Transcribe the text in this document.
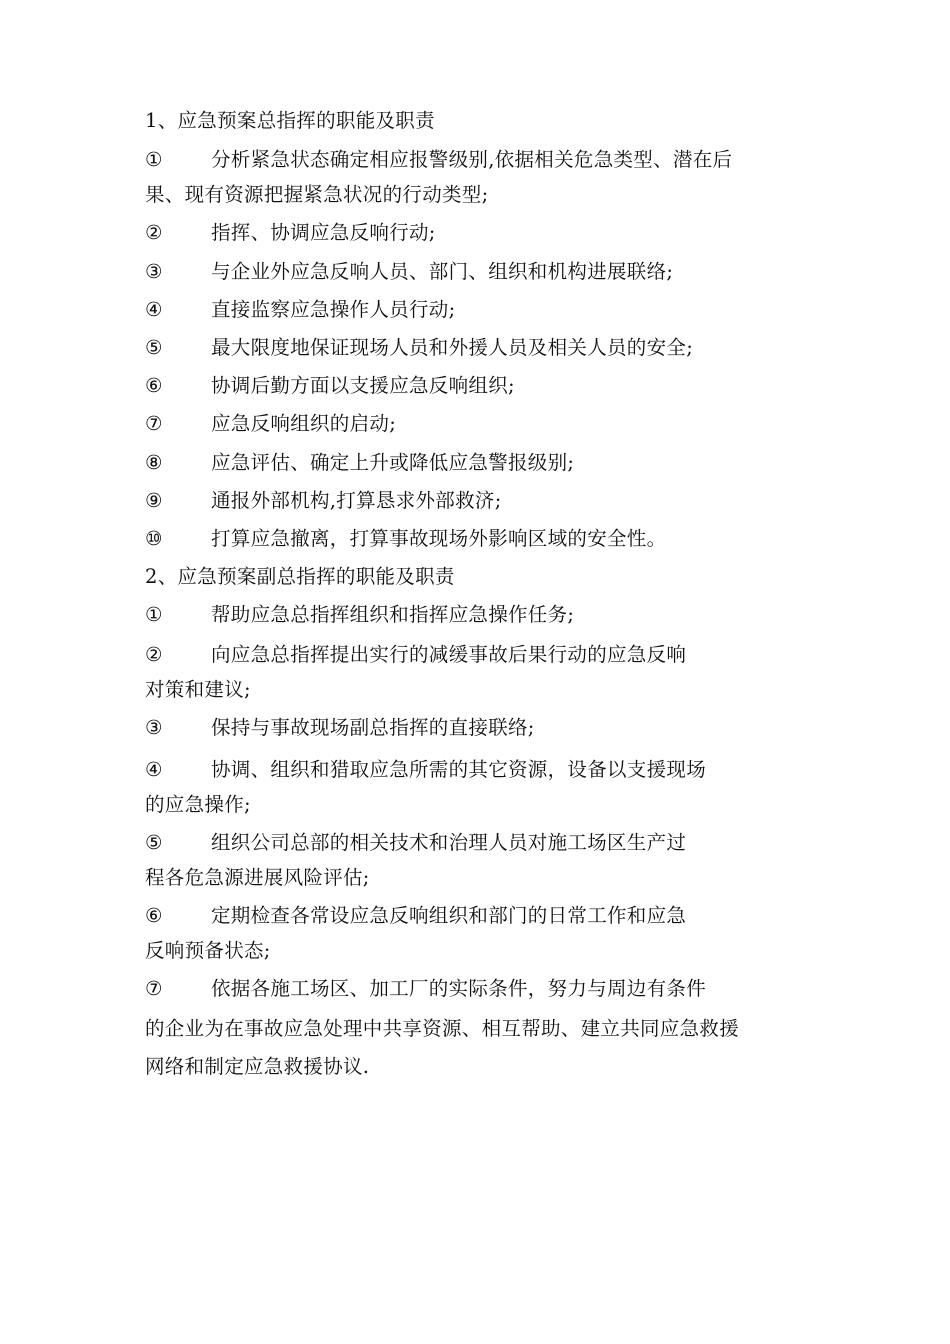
1、应急预案总指挥的职能及职责
① 分析紧急状态确定相应报警级别,依据相关危急类型、潜在后
果、现有资源把握紧急状况的行动类型;
② 指挥、协调应急反响行动;
③ 与企业外应急反响人员、部门、组织和机构进展联络;
④ 直接监察应急操作人员行动;
⑤ 最大限度地保证现场人员和外援人员及相关人员的安全;
⑥ 协调后勤方面以支援应急反响组织;
⑦ 应急反响组织的启动;
⑧ 应急评估、确定上升或降低应急警报级别;
⑨ 通报外部机构,打算恳求外部救济;
⑩ 打算应急撤离，打算事故现场外影响区域的安全性。
2、应急预案副总指挥的职能及职责
① 帮助应急总指挥组织和指挥应急操作任务;
② 向应急总指挥提出实行的减缓事故后果行动的应急反响
对策和建议;
③ 保持与事故现场副总指挥的直接联络;
④ 协调、组织和猎取应急所需的其它资源，设备以支援现场
的应急操作;
⑤ 组织公司总部的相关技术和治理人员对施工场区生产过
程各危急源进展风险评估;
⑥ 定期检查各常设应急反响组织和部门的日常工作和应急
反响预备状态;
⑦ 依据各施工场区、加工厂的实际条件，努力与周边有条件
的企业为在事故应急处理中共享资源、相互帮助、建立共同应急救援
网络和制定应急救援协议.
